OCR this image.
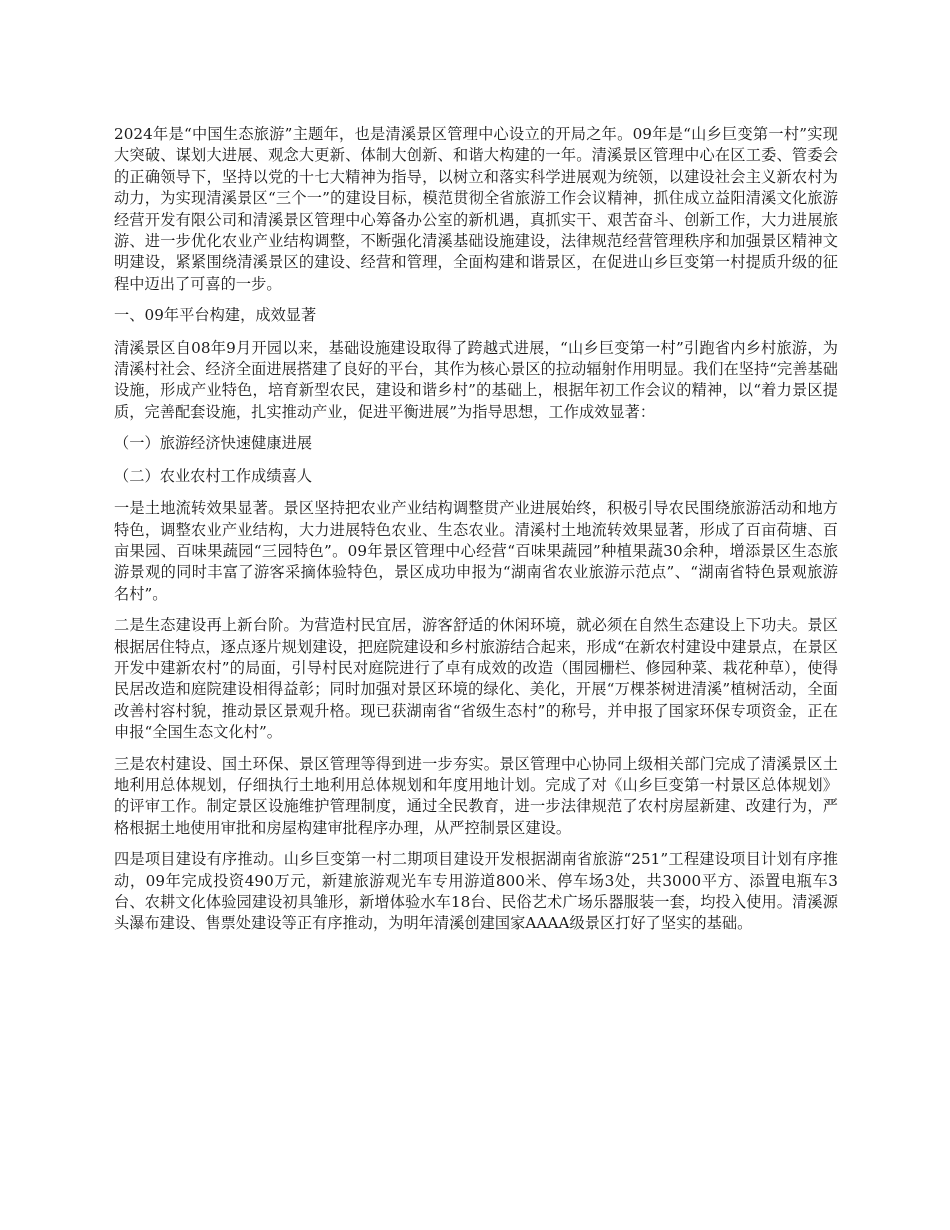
2024年是“中国生态旅游”主题年，也是清溪景区管理中心设立的开局之年。09年是“山乡巨变第一村”实现大突破、谋划大进展、观念大更新、体制大创新、和谐大构建的一年。清溪景区管理中心在区工委、管委会的正确领导下，坚持以党的十七大精神为指导，以树立和落实科学进展观为统领，以建设社会主义新农村为动力，为实现清溪景区“三个一”的建设目标，模范贯彻全省旅游工作会议精神，抓住成立益阳清溪文化旅游经营开发有限公司和清溪景区管理中心筹备办公室的新机遇，真抓实干、艰苦奋斗、创新工作，大力进展旅游、进一步优化农业产业结构调整，不断强化清溪基础设施建设，法律规范经营管理秩序和加强景区精神文明建设，紧紧围绕清溪景区的建设、经营和管理，全面构建和谐景区，在促进山乡巨变第一村提质升级的征程中迈出了可喜的一步。

一、09年平台构建，成效显著

清溪景区自08年9月开园以来，基础设施建设取得了跨越式进展，“山乡巨变第一村”引跑省内乡村旅游，为清溪村社会、经济全面进展搭建了良好的平台，其作为核心景区的拉动辐射作用明显。我们在坚持“完善基础设施，形成产业特色，培育新型农民，建设和谐乡村”的基础上，根据年初工作会议的精神，以“着力景区提质，完善配套设施，扎实推动产业，促进平衡进展”为指导思想，工作成效显著：

（一）旅游经济快速健康进展

（二）农业农村工作成绩喜人

一是土地流转效果显著。景区坚持把农业产业结构调整贯产业进展始终，积极引导农民围绕旅游活动和地方特色，调整农业产业结构，大力进展特色农业、生态农业。清溪村土地流转效果显著，形成了百亩荷塘、百亩果园、百味果蔬园“三园特色”。09年景区管理中心经营“百味果蔬园”种植果蔬30余种，增添景区生态旅游景观的同时丰富了游客采摘体验特色，景区成功申报为“湖南省农业旅游示范点”、“湖南省特色景观旅游名村”。

二是生态建设再上新台阶。为营造村民宜居，游客舒适的休闲环境，就必须在自然生态建设上下功夫。景区根据居住特点，逐点逐片规划建设，把庭院建设和乡村旅游结合起来，形成“在新农村建设中建景点，在景区开发中建新农村”的局面，引导村民对庭院进行了卓有成效的改造（围园栅栏、修园种菜、栽花种草），使得民居改造和庭院建设相得益彰；同时加强对景区环境的绿化、美化，开展“万棵茶树进清溪”植树活动，全面改善村容村貌，推动景区景观升格。现已获湖南省“省级生态村”的称号，并申报了国家环保专项资金，正在申报“全国生态文化村”。

三是农村建设、国土环保、景区管理等得到进一步夯实。景区管理中心协同上级相关部门完成了清溪景区土地利用总体规划，仔细执行土地利用总体规划和年度用地计划。完成了对《山乡巨变第一村景区总体规划》的评审工作。制定景区设施维护管理制度，通过全民教育，进一步法律规范了农村房屋新建、改建行为，严格根据土地使用审批和房屋构建审批程序办理，从严控制景区建设。

四是项目建设有序推动。山乡巨变第一村二期项目建设开发根据湖南省旅游“251”工程建设项目计划有序推动，09年完成投资490万元，新建旅游观光车专用游道800米、停车场3处，共3000平方、添置电瓶车3台、农耕文化体验园建设初具雏形，新增体验水车18台、民俗艺术广场乐器服装一套，均投入使用。清溪源头瀑布建设、售票处建设等正有序推动，为明年清溪创建国家AAAA级景区打好了坚实的基础。
